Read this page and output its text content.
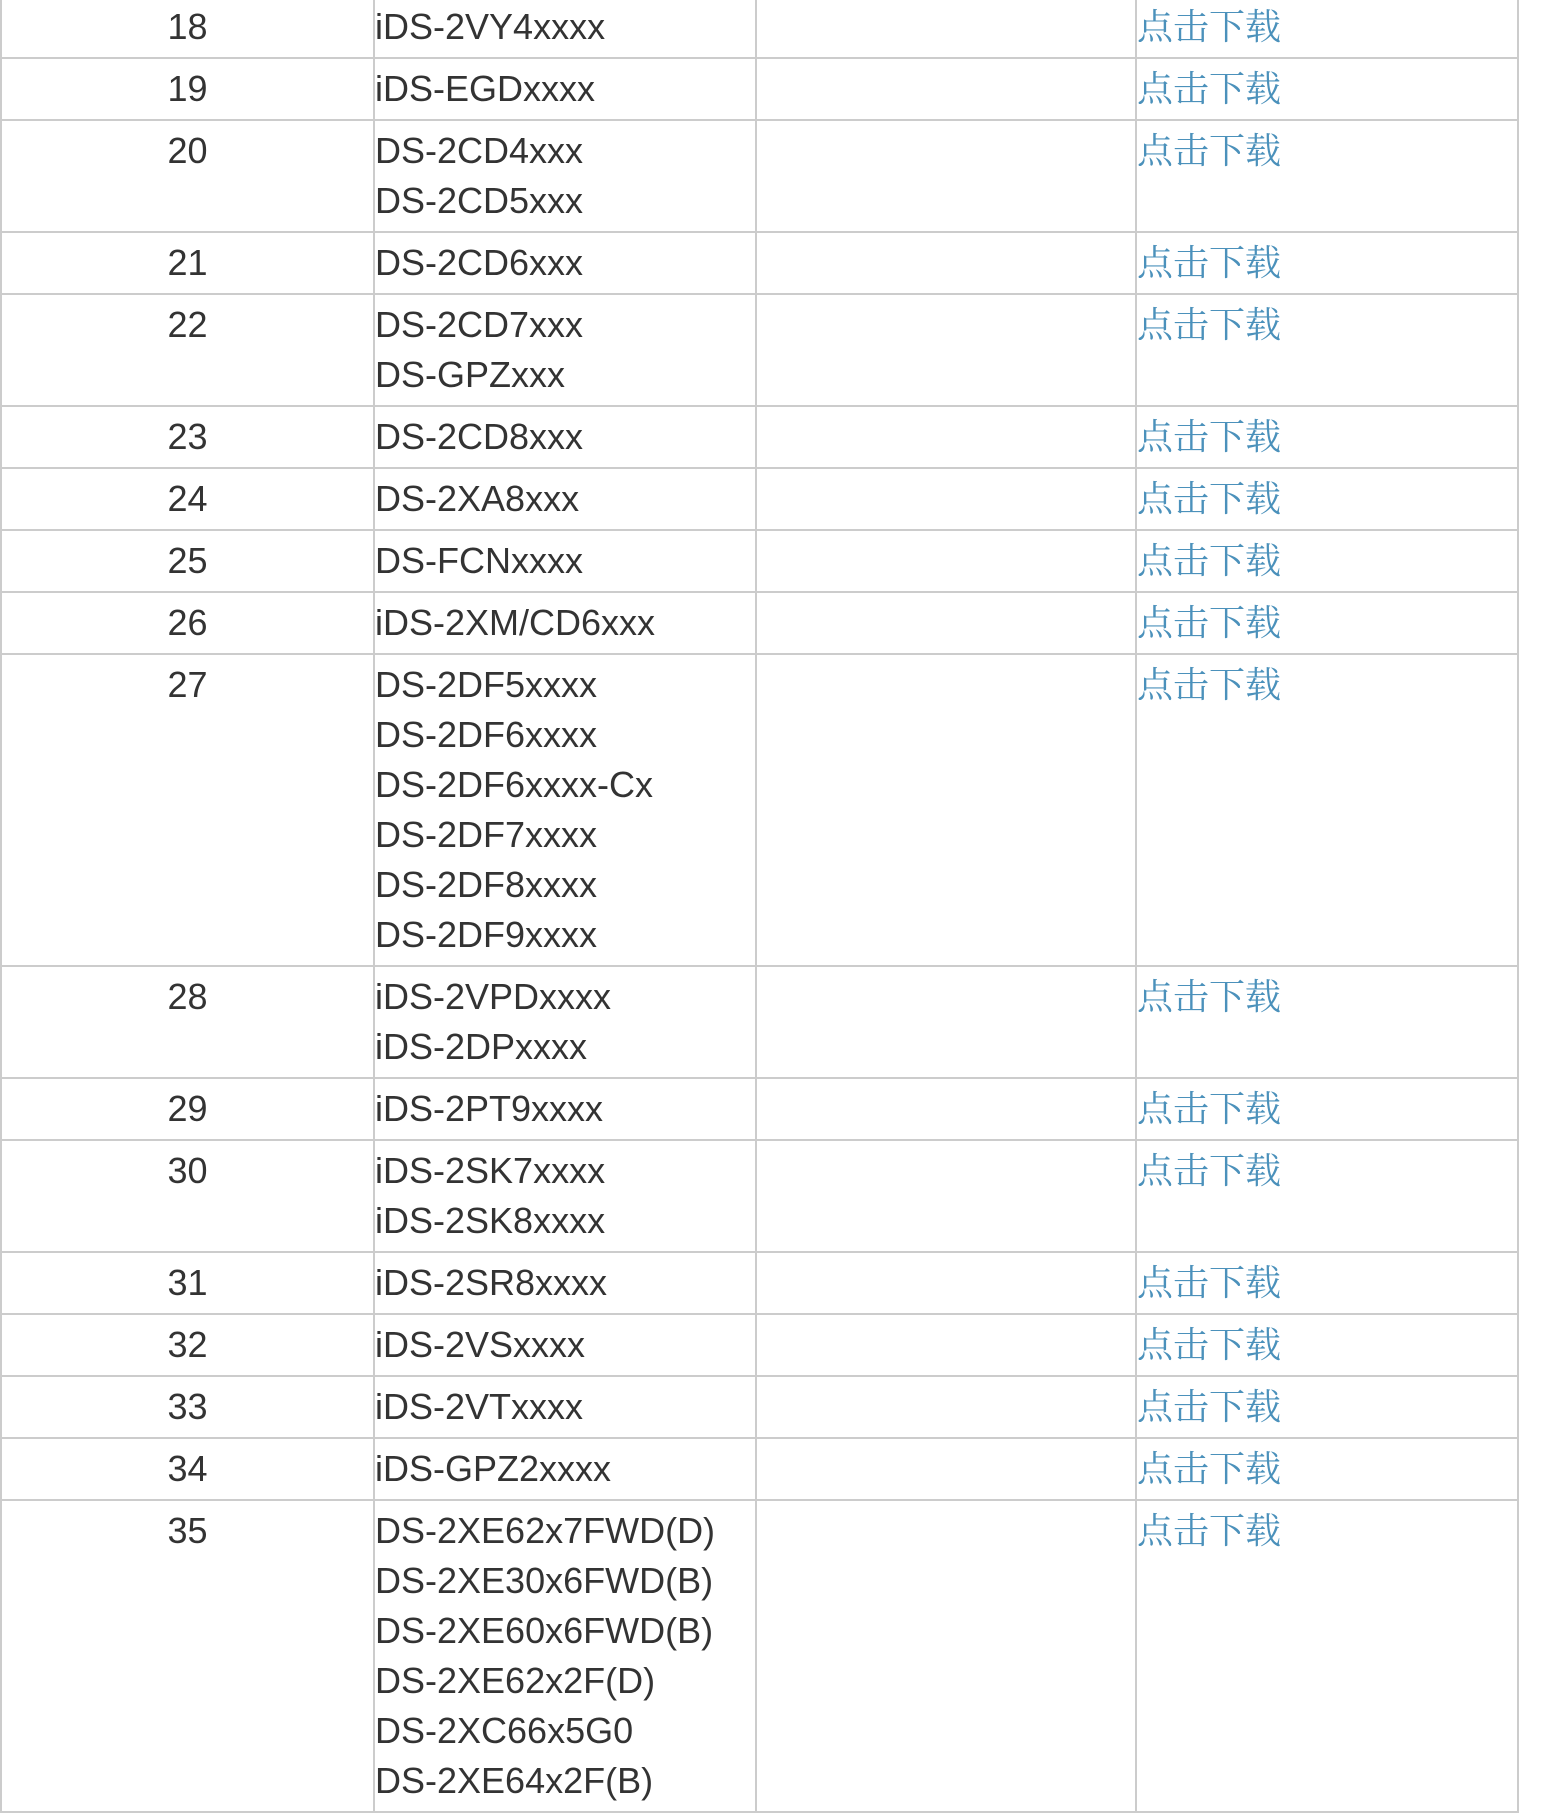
18	iDS-2VY4xxxx		点击下载
19	iDS-EGDxxxx		点击下载
20	DS-2CD4xxx
DS-2CD5xxx		点击下载
21	DS-2CD6xxx		点击下载
22	DS-2CD7xxx
DS-GPZxxx		点击下载
23	DS-2CD8xxx		点击下载
24	DS-2XA8xxx		点击下载
25	DS-FCNxxxx		点击下载
26	iDS-2XM/CD6xxx		点击下载
27	DS-2DF5xxxx
DS-2DF6xxxx
DS-2DF6xxxx-Cx
DS-2DF7xxxx
DS-2DF8xxxx
DS-2DF9xxxx
		点击下载
28	iDS-2VPDxxxx
iDS-2DPxxxx		点击下载
29	iDS-2PT9xxxx		点击下载
30	iDS-2SK7xxxx
iDS-2SK8xxxx		点击下载
31	iDS-2SR8xxxx		点击下载
32	iDS-2VSxxxx		点击下载
33	iDS-2VTxxxx		点击下载
34	iDS-GPZ2xxxx		点击下载
35	DS-2XE62x7FWD(D)
DS-2XE30x6FWD(B)
DS-2XE60x6FWD(B)
DS-2XE62x2F(D)
DS-2XC66x5G0
DS-2XE64x2F(B)
		点击下载
